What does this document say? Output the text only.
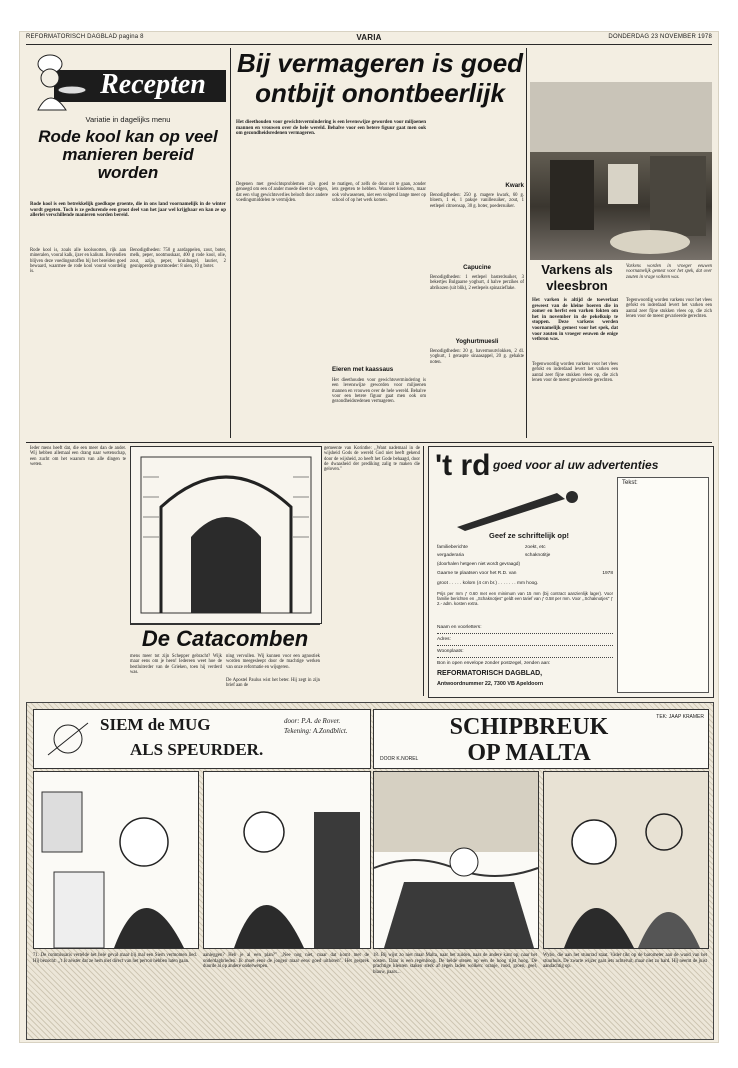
REFORMATORISCH DAGBLAD pagina 8	VARIA	DONDERDAG 23 NOVEMBER 1978
Recepten
Variatie in dagelijks menu
Rode kool kan op veel manieren bereid worden
Rode kool is een betrekkelijk goedkope groente, die in ons land voornamelijk in de winter wordt gegeten. Toch is ze gedurende een groot deel van het jaar wel krijgbaar en kan ze op allerlei verschillende manieren worden bereid.
Rode kool is, zoals alle koolsoorten, rijk aan mineralen, vooral kalk, ijzer en kalium. Bovendien blijven deze voedingsstoffen bij het bereiden goed bewaard, waarmee de rode kool vooral voordelig is.
Benodigdheden: 750 g aardappelen, zout, boter, melk, peper, nootmuskaat, 400 g rode kool, olie, zout, azijn, peper, kruidnagel, laurier, 2 gesnipperde grootmoeder: 8 uien, 10 g boter.
Bij vermageren is goed ontbijt onontbeerlijk
Het dieethouden voor gewichtsvermindering is een levenswijze geworden voor miljoenen mannen en vrouwen over de hele wereld. Behalve voor een betere figuur gaat men ook om gezondheidsredenen vermageren.
Degenen met gewichtsproblemen zijn goed genoegd om een of ander moede dieet te volgen, dat een vlug gewichtsverlies belooft door andere voedingsmiddelen te vermijden.
te matigen, of zelfs de door uit te gaan, zonder iets gegeten te hebben. Wanneer kinderen, maar ook volwassenen, niet een volgend lange meer op school of op het werk komen.
Eieren met kaassaus
Het dieethouden voor gewichtsvermindering is een levenswijze geworden voor miljoenen mannen en vrouwen over de hele wereld. Behalve voor een betere figuur gaat men ook om gezondheidsredenen vermageren.
Kwark
Benodigdheden: 250 g. magere kwark, 60 g. bloem, 1 ei, 1 paksje vanillesuiker, zout, 1 eetlepel citroensap, 30 g. boter, poedersuiker.
Capucine
Benodigdheden: 1 eetlepel basterdsuiker, 3 bekertjes Bulgaarse yoghurt, 4 halve perzikes of abrikozen (uit blik), 2 eetlepels spinazieflake.
Yoghurtmuesli
Benodigdheden: 20 g. havermoutvlokken, 2 dl. yoghurt, 1 geraspte sinaasappel, 20 g. gehakte noten.
Varkens als vleesbron
Varkens worden in vroeger eeuwen voornamelijk gemest voor het spek, dat over zouten in vrage volkren was.
Het varken is altijd de toeverlaat geweest van de kleine boeren die in zomer en herfst een varken fokten om het in november in de pekelkuip te stoppen. Deze varkens werden voornamelijk gemest voor het spek, dat voor zouten in vroeger eeuwen de enige vetbron was.
Tegenwoordig worden varkens voor het vlees gefokt en inderdaad levert het varken een aantal zeer fijne stukken vlees op, die zich lenen voor de meest gevarieerde gerechten.
Tegenwoordig worden varkens voor het vlees gefokt en inderdaad levert het varken een aantal zeer fijne stukken vlees op, die zich lenen voor de meest gevarieerde gerechten.
Ieder mens heeft dat, die een meer dan de ander. Wij hebben allemaal een drang naar wetenschap, een zucht om het waarom van alle dingen te weten.
De Catacomben
gemeente van Korinthe: ,,Want nademaal in de wijsheid Gods de wereld God niet heeft gekend door de wijsheid, zo heeft het Gode behaagd, door de dwaasheid der prediking zalig te maken die geloven."
mens meer tot zijn Schepper gebracht? Wijk maar eens om je heen! Iedereen weet hoe de bestluiterder van de Grieken, toen hij verderd was.
ning vervullen. Wij kunnen voor een agnostiek worden meegesleept door de machtige werken van onze reformatie en wijsgeren.
De Apostel Paulus wist het beter. Hij zegt in zijn brief aan de
't rd goed voor al uw advertenties
Tekst:
Geef ze schriftelijk op!
familieberichte	zoekt, etc
vergaderaria	schaknotitje
(doorhalen hetgeen niet wordt gevraagd)
Gaarne te plaatsen voor het R.D. van	1978
groot . . . . . kolom (4 cm br.) . . . . . . . mm hoog.
Prijs per mm ƒ 0.60 met een minimum van 15 mm (bij contract aanzienlijk lager). Voor familie berichten en ,,Schaknotjes" geldt een tarief van ƒ 0.58 per mm. Voor ,,Schaknotjes" ƒ 2.- adm. kosten extra.
Naam en voorletters:
Adres:
Woonplaats:
Bon in open envelope zonder postzegel, zenden aan:
REFORMATORISCH DAGBLAD,
Antwoordnummer 22, 7300 VB Apeldoorn
SIEM de MUG
ALS SPEURDER.
door: P.A. de Rover. Tekening: A.Zondblict.
71. De commissaris vertelde het hele geval maar bij mal een Siem vermomen lied. Hij bezocht: ,,'t Is zeister dat ze hem niet direct van het perron hebben laten gaan.
aanleggen? Heb je al een plan?" ,,Nee nog niet, maar dat komt met de onderdagbrieden. Ik moet eens de jongen maar eens goed uithoren". Het gesprek duurde al op andere onderwerpen.
SCHIPBREUK
OP MALTA
DOOR K.NOREL
TEK: JAAP KRAMER
18. Bij wijst zo niet maar Malta, naar het zuiden, naar de andere kant op, naar het oosten. Daar is een regenboog. De beide stenen op een de hoog rijst hoog. De prachtige kleuren staken sterk af tegen laden wolken: oranje, rood, groen, geel, blauw, paars...
Wybo, die aan het stuurrad staat. Vader tikt op de barometer aan de wand van het stuurhuis. De zwarte wijzer gaat iets achteruit, maar niet zo hard. Hij neemt de juist aandachtig op.
